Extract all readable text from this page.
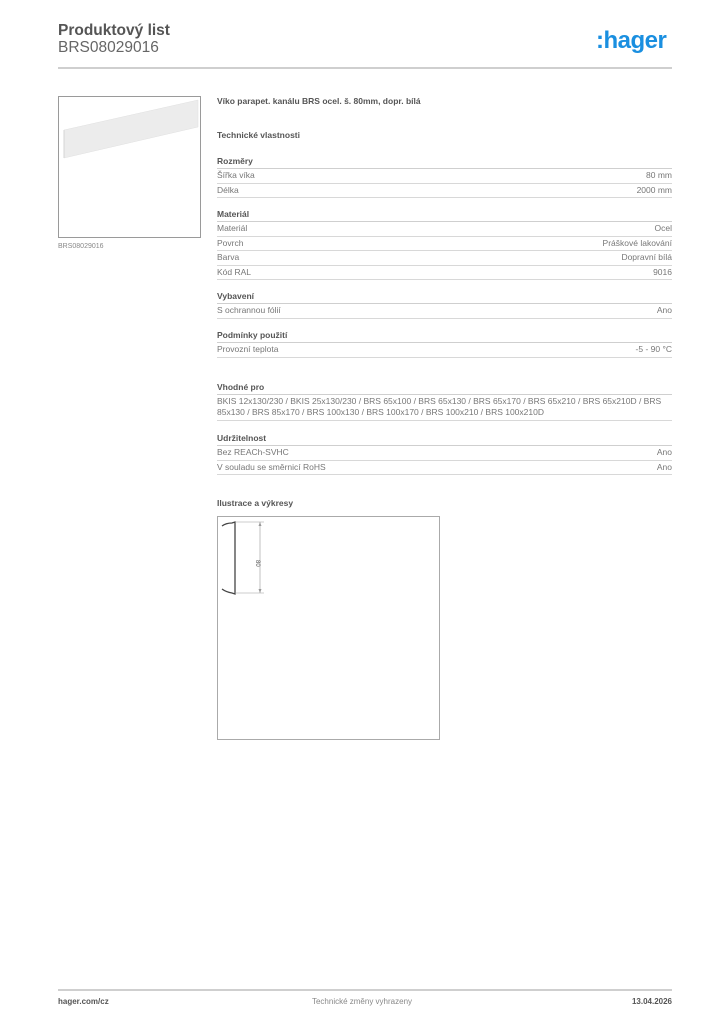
Produktový list
BRS08029016	:hager
BRS08029016
Víko parapet. kanálu BRS ocel. š. 80mm, dopr. bílá
Technické vlastnosti
Rozměry
Šířka víka	80 mm
Délka	2000 mm
Materiál
Materiál	Ocel
Povrch	Práškové lakování
Barva	Dopravní bílá
Kód RAL	9016
Vybavení
S ochrannou fólií	Ano
Podmínky použití
Provozní teplota	-5 - 90 °C
Vhodné pro
BKIS 12x130/230 / BKIS 25x130/230 / BRS 65x100 / BRS 65x130 / BRS 65x170 / BRS 65x210 / BRS 65x210D / BRS 85x130 / BRS 85x170 / BRS 100x130 / BRS 100x170 / BRS 100x210 / BRS 100x210D
Udržitelnost
Bez REACh-SVHC	Ano
V souladu se směrnicí RoHS	Ano
Ilustrace a výkresy
80
hager.com/cz	Technické změny vyhrazeny	13.04.2026
